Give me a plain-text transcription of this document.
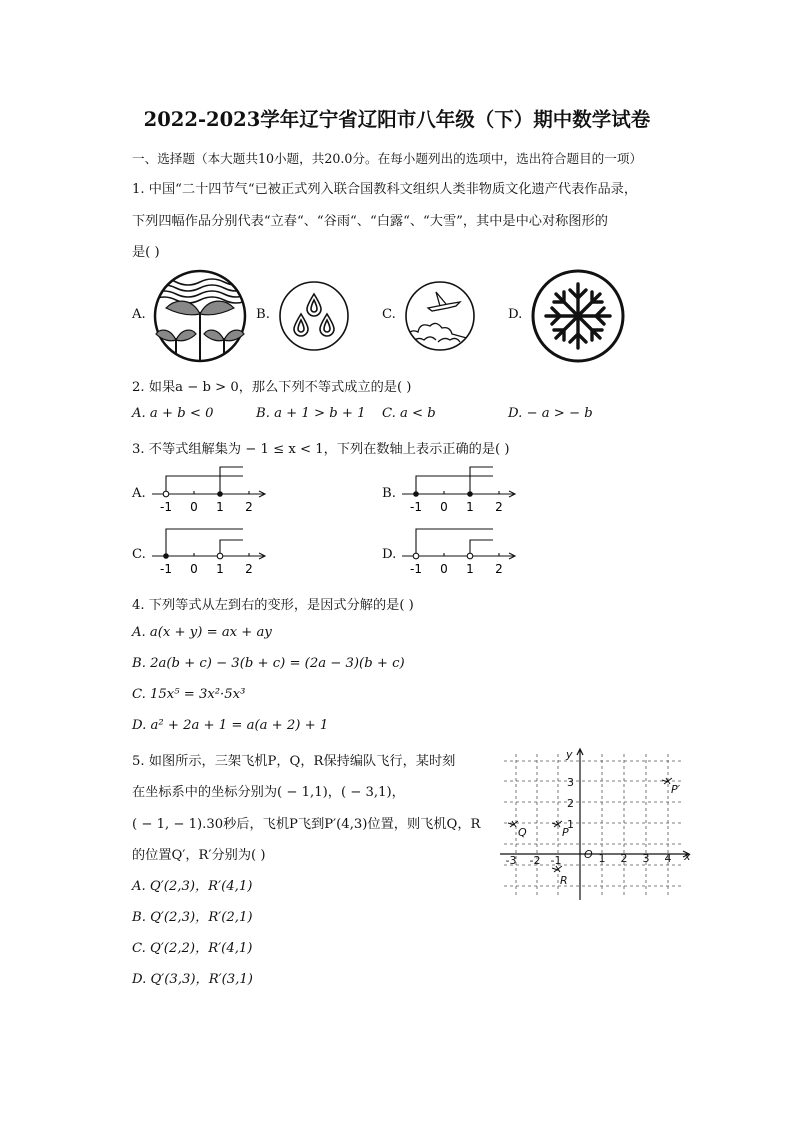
2022-2023学年辽宁省辽阳市八年级（下）期中数学试卷
一、选择题（本大题共10小题，共20.0分。在每小题列出的选项中，选出符合题目的一项）
1. 中国“二十四节气“已被正式列入联合国教科文组织人类非物质文化遗产代表作品录，
下列四幅作品分别代表“立春“、“谷雨“、“白露“、“大雪”，其中是中心对称图形的
是( )
A.	B.	C.	D.
2. 如果a − b > 0，那么下列不等式成立的是( )
A. a + b < 0	B. a + 1 > b + 1 C. a < b	D. − a > − b
3. 不等式组解集为 − 1 ≤ x < 1，下列在数轴上表示正确的是( )
A.	B.
C.	D.
-1 0 1 2	-1 0 1 2
-1 0 1 2	-1 0 1 2
4. 下列等式从左到右的变形，是因式分解的是( )
A. a(x + y) = ax + ay
B. 2a(b + c) − 3(b + c) = (2a − 3)(b + c)
C. 15x⁵ = 3x²·5x³
D. a² + 2a + 1 = a(a + 2) + 1
5. 如图所示，三架飞机P，Q，R保持编队飞行，某时刻
在坐标系中的坐标分别为( − 1,1)，( − 3,1)，
( − 1, − 1).30秒后，飞机P飞到P′(4,3)位置，则飞机Q，R
的位置Q′，R′分别为( )
A. Q′(2,3)，R′(4,1)
B. Q′(2,3)，R′(2,1)
C. Q′(2,2)，R′(4,1)
D. Q′(3,3)，R′(3,1)
x
y
O
-3 -2 -1	1 2 3 4
3
2
1
P′
P
Q
R
